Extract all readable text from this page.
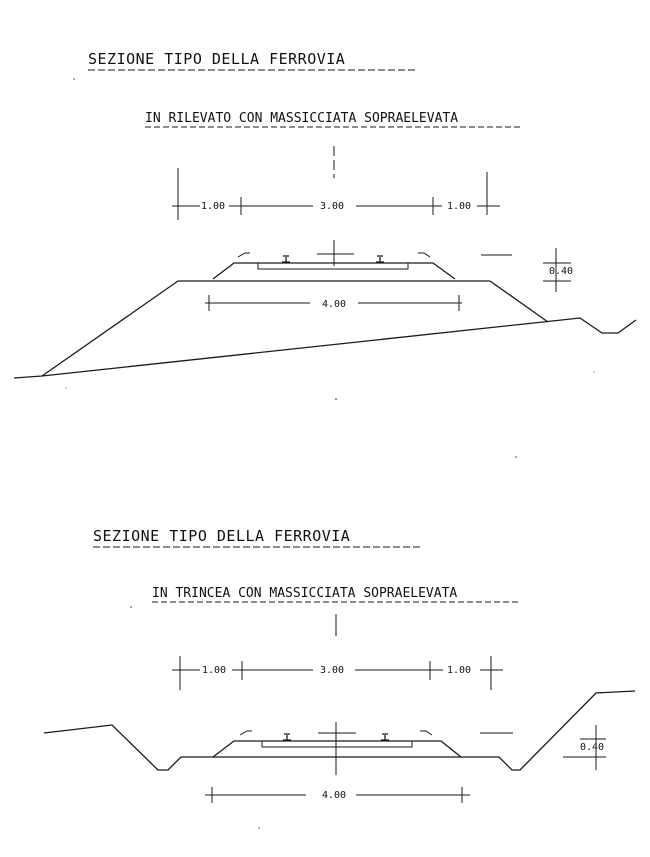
SEZIONE TIPO DELLA FERROVIA
IN RILEVATO CON MASSICCIATA SOPRAELEVATA
1.00	3.00	1.00
0.40
4.00
SEZIONE TIPO DELLA FERROVIA
IN TRINCEA CON MASSICCIATA SOPRAELEVATA
1.00	3.00	1.00
0.40
4.00
